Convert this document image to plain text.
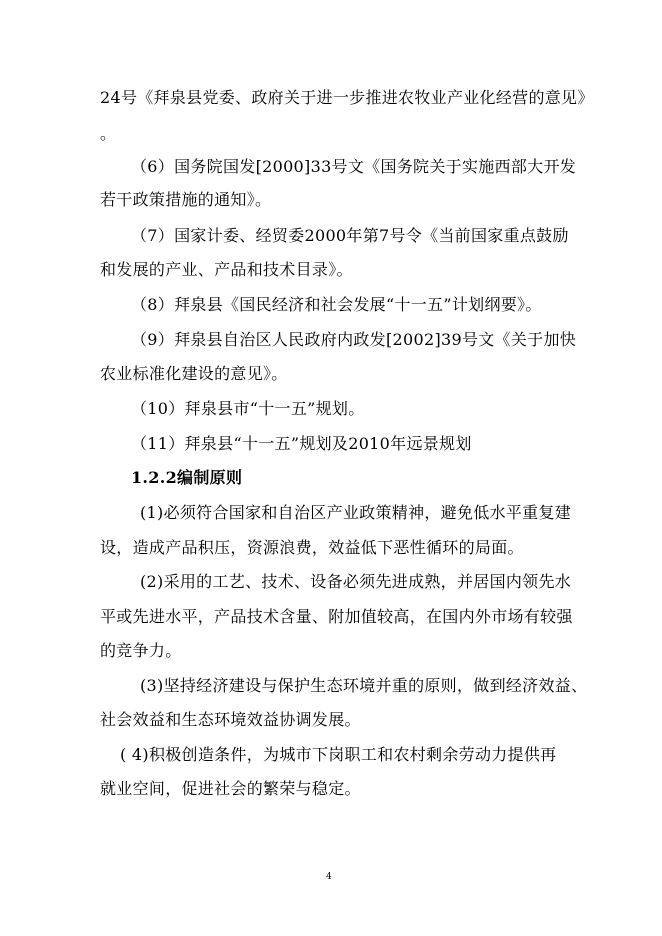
24号《拜泉县党委、政府关于进一步推进农牧业产业化经营的意见》
。
（6）国务院国发[2000]33号文《国务院关于实施西部大开发
若干政策措施的通知》。
（7）国家计委、经贸委2000年第7号令《当前国家重点鼓励
和发展的产业、产品和技术目录》。
（8）拜泉县《国民经济和社会发展“十一五”计划纲要》。
（9）拜泉县自治区人民政府内政发[2002]39号文《关于加快
农业标准化建设的意见》。
（10）拜泉县市“十一五”规划。
（11）拜泉县“十一五”规划及2010年远景规划
1.2.2编制原则
(1)必须符合国家和自治区产业政策精神，避免低水平重复建
设，造成产品积压，资源浪费，效益低下恶性循环的局面。
(2)采用的工艺、技术、设备必须先进成熟，并居国内领先水
平或先进水平，产品技术含量、附加值较高，在国内外市场有较强
的竞争力。
(3)坚持经济建设与保护生态环境并重的原则，做到经济效益、
社会效益和生态环境效益协调发展。
( 4)积极创造条件，为城市下岗职工和农村剩余劳动力提供再
就业空间，促进社会的繁荣与稳定。
4
